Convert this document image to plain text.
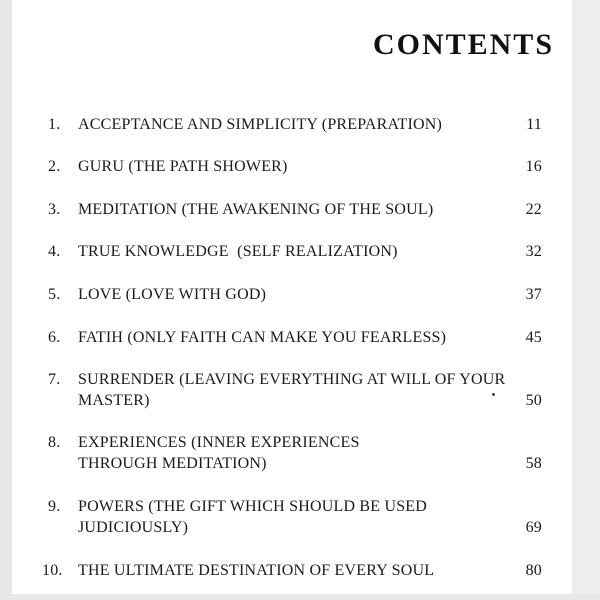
CONTENTS
1.	ACCEPTANCE AND SIMPLICITY (PREPARATION)	11
2.	GURU (THE PATH SHOWER)	16
3.	MEDITATION (THE AWAKENING OF THE SOUL)	22
4.	TRUE KNOWLEDGE  (SELF REALIZATION)	32
5.	LOVE (LOVE WITH GOD)	37
6.	FATIH (ONLY FAITH CAN MAKE YOU FEARLESS)	45
7.	SURRENDER (LEAVING EVERYTHING AT WILL OF YOUR MASTER)	50
8.	EXPERIENCES (INNER EXPERIENCES THROUGH MEDITATION)	58
9.	POWERS (THE GIFT WHICH SHOULD BE USED JUDICIOUSLY)	69
10. THE ULTIMATE DESTINATION OF EVERY SOUL	80
